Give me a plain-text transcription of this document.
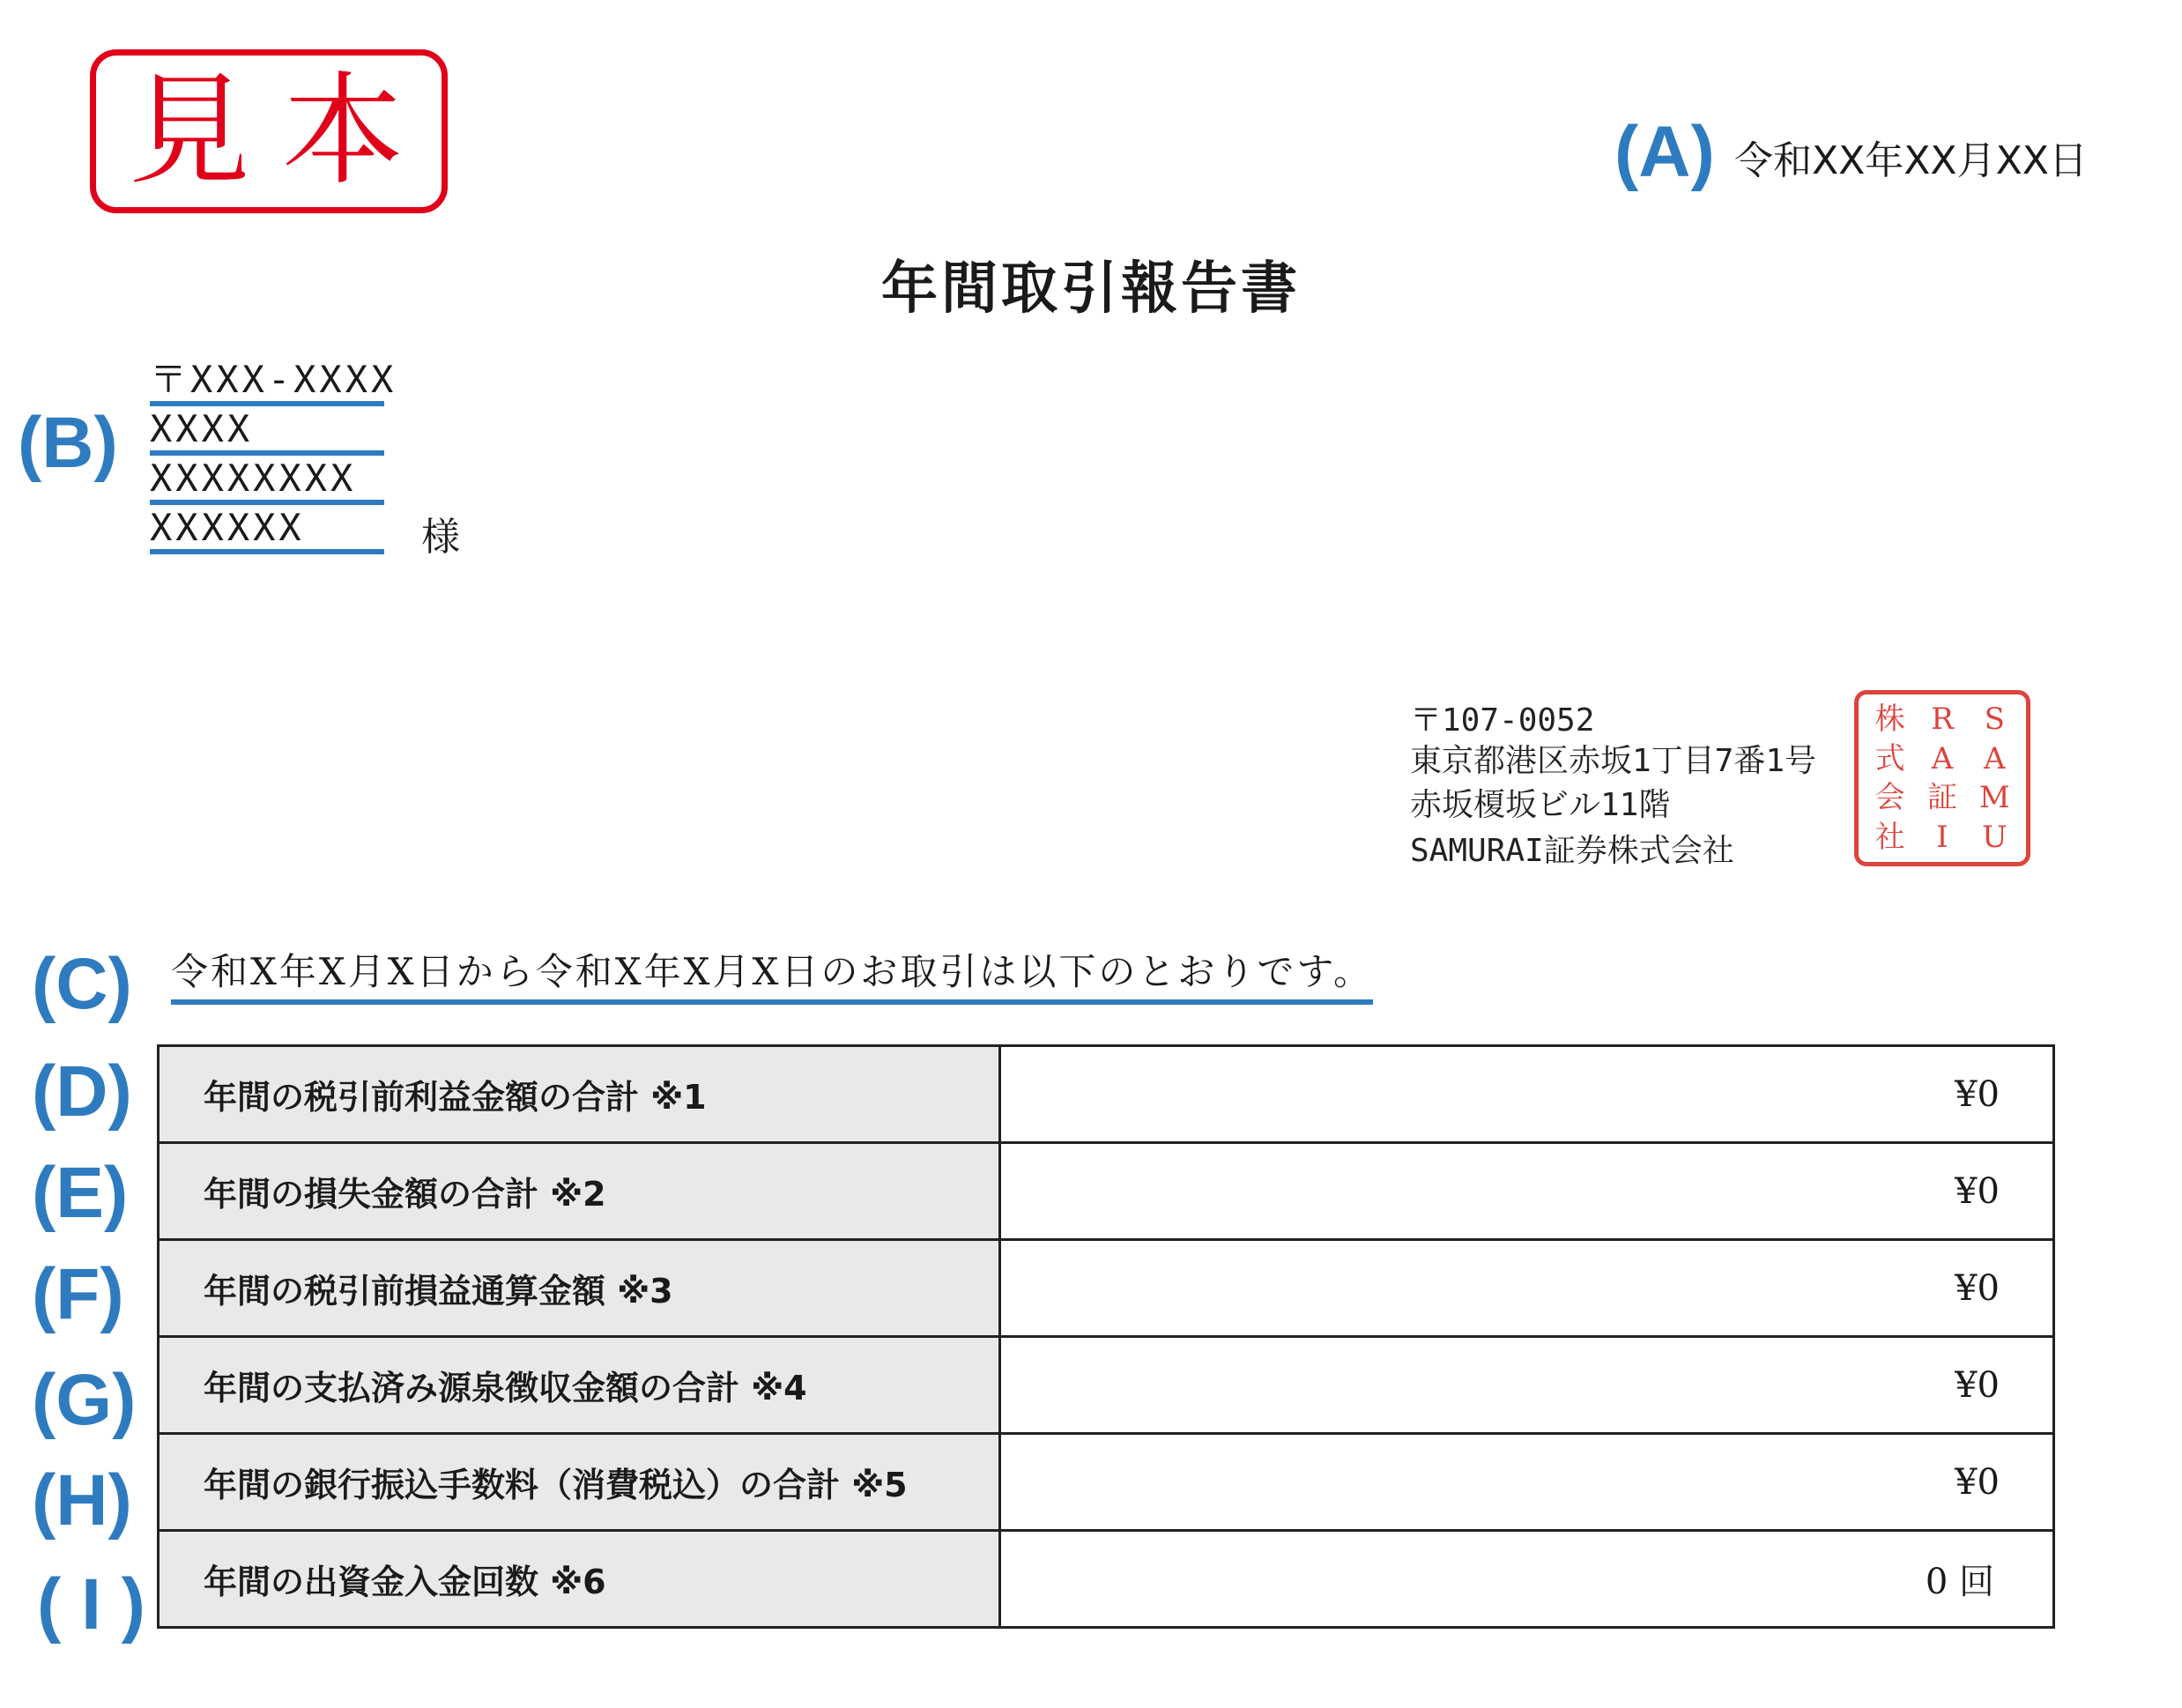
見本	(A) 令和XX年XX月XX日
年間取引報告書
(B)
〒XXX-XXXX
XXXX
XXXXXXXX
XXXXXX	様
〒107-0052
東京都港区赤坂1丁目7番1号
赤坂榎坂ビル11階
SAMURAI証券株式会社
株 R	S
式 A	A
会 証 M
社	I	U
(C) 令和X年X月X日から令和X年X月X日のお取引は以下のとおりです。
(D)
(E)
(F)
(G)
(H)
( I )
年間の税引前利益金額の合計 ※1	¥0
年間の損失金額の合計 ※2	¥0
年間の税引前損益通算金額 ※3	¥0
年間の支払済み源泉徴収金額の合計 ※4	¥0
年間の銀行振込手数料（消費税込）の合計 ※5	¥0
年間の出資金入金回数 ※6	0 回
